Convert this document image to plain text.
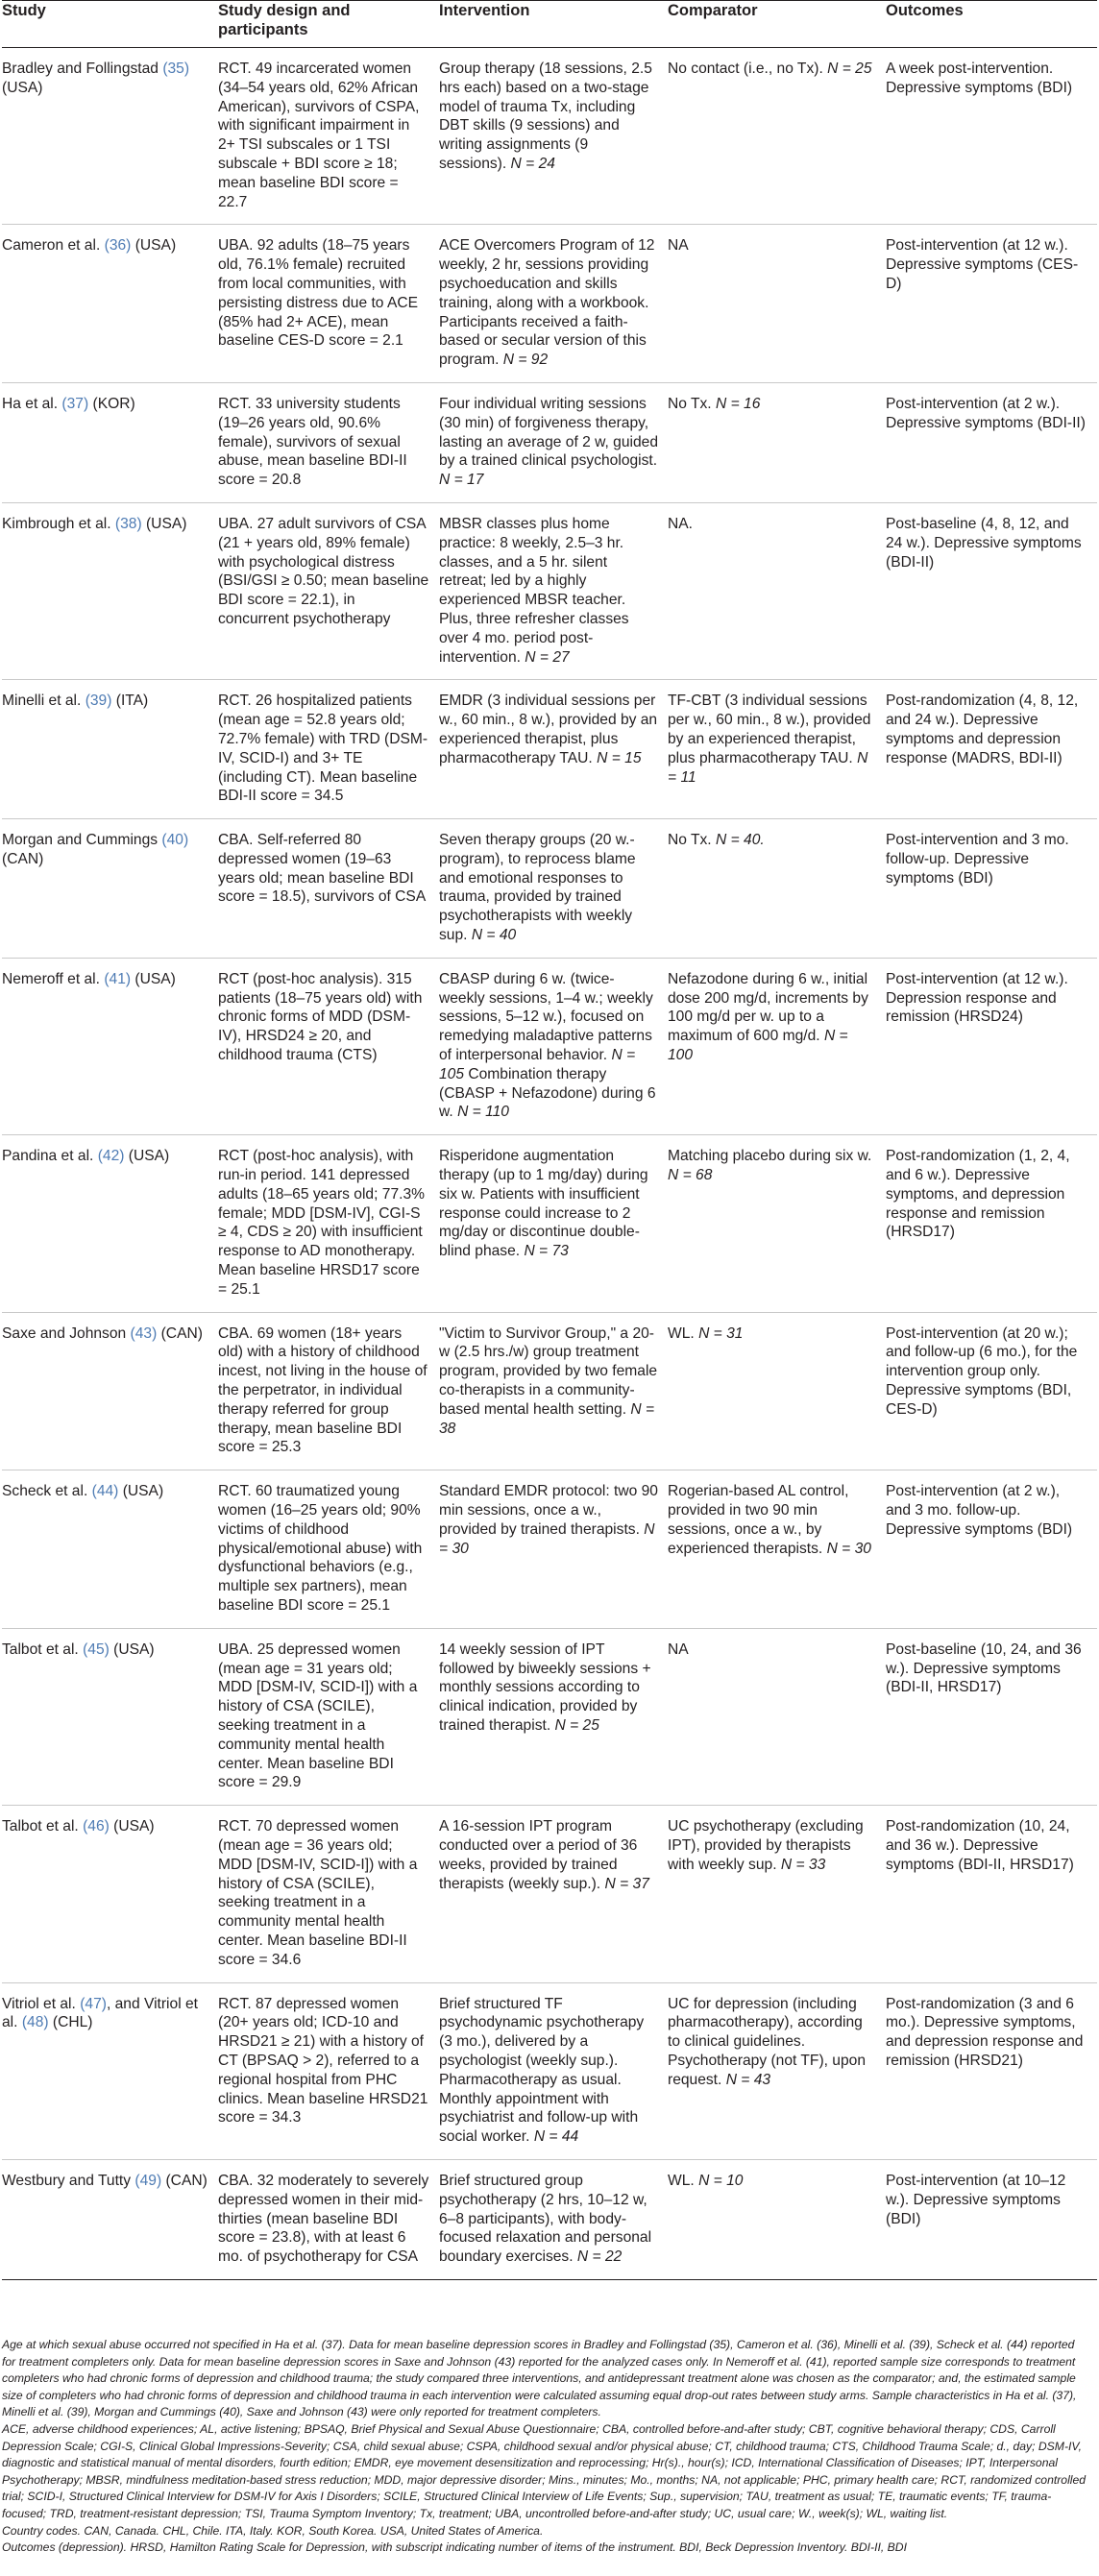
Study	Study design and participants	Intervention	Comparator	Outcomes
Bradley and Follingstad (35) (USA)	RCT. 49 incarcerated women (34–54 years old, 62% African American), survivors of CSPA, with significant impairment in 2+ TSI subscales or 1 TSI subscale + BDI score ≥ 18; mean baseline BDI score = 22.7	Group therapy (18 sessions, 2.5 hrs each) based on a two-stage model of trauma Tx, including DBT skills (9 sessions) and writing assignments (9 sessions). N = 24	No contact (i.e., no Tx). N = 25	A week post-intervention. Depressive symptoms (BDI)
Cameron et al. (36) (USA)	UBA. 92 adults (18–75 years old, 76.1% female) recruited from local communities, with persisting distress due to ACE (85% had 2+ ACE), mean baseline CES-D score = 2.1	ACE Overcomers Program of 12 weekly, 2 hr, sessions providing psychoeducation and skills training, along with a workbook. Participants received a faith-based or secular version of this program. N = 92	NA	Post-intervention (at 12 w.). Depressive symptoms (CES-D)
Ha et al. (37) (KOR)	RCT. 33 university students (19–26 years old, 90.6% female), survivors of sexual abuse, mean baseline BDI-II score = 20.8	Four individual writing sessions (30 min) of forgiveness therapy, lasting an average of 2 w, guided by a trained clinical psychologist. N = 17	No Tx. N = 16	Post-intervention (at 2 w.). Depressive symptoms (BDI-II)
Kimbrough et al. (38) (USA)	UBA. 27 adult survivors of CSA (21 + years old, 89% female) with psychological distress (BSI/GSI ≥ 0.50; mean baseline BDI score = 22.1), in concurrent psychotherapy	MBSR classes plus home practice: 8 weekly, 2.5–3 hr. classes, and a 5 hr. silent retreat; led by a highly experienced MBSR teacher. Plus, three refresher classes over 4 mo. period post-intervention. N = 27	NA.	Post-baseline (4, 8, 12, and 24 w.). Depressive symptoms (BDI-II)
Minelli et al. (39) (ITA)	RCT. 26 hospitalized patients (mean age = 52.8 years old; 72.7% female) with TRD (DSM-IV, SCID-I) and 3+ TE (including CT). Mean baseline BDI-II score = 34.5	EMDR (3 individual sessions per w., 60 min., 8 w.), provided by an experienced therapist, plus pharmacotherapy TAU. N = 15	TF-CBT (3 individual sessions per w., 60 min., 8 w.), provided by an experienced therapist, plus pharmacotherapy TAU. N = 11	Post-randomization (4, 8, 12, and 24 w.). Depressive symptoms and depression response (MADRS, BDI-II)
Morgan and Cummings (40) (CAN)	CBA. Self-referred 80 depressed women (19–63 years old; mean baseline BDI score = 18.5), survivors of CSA	Seven therapy groups (20 w.-program), to reprocess blame and emotional responses to trauma, provided by trained psychotherapists with weekly sup. N = 40	No Tx. N = 40.	Post-intervention and 3 mo. follow-up. Depressive symptoms (BDI)
Nemeroff et al. (41) (USA)	RCT (post-hoc analysis). 315 patients (18–75 years old) with chronic forms of MDD (DSM-IV), HRSD24 ≥ 20, and childhood trauma (CTS)	CBASP during 6 w. (twice-weekly sessions, 1–4 w.; weekly sessions, 5–12 w.), focused on remedying maladaptive patterns of interpersonal behavior. N = 105 Combination therapy (CBASP + Nefazodone) during 6 w. N = 110	Nefazodone during 6 w., initial dose 200 mg/d, increments by 100 mg/d per w. up to a maximum of 600 mg/d. N = 100	Post-intervention (at 12 w.). Depression response and remission (HRSD24)
Pandina et al. (42) (USA)	RCT (post-hoc analysis), with run-in period. 141 depressed adults (18–65 years old; 77.3% female; MDD [DSM-IV], CGI-S ≥ 4, CDS ≥ 20) with insufficient response to AD monotherapy. Mean baseline HRSD17 score = 25.1	Risperidone augmentation therapy (up to 1 mg/day) during six w. Patients with insufficient response could increase to 2 mg/day or discontinue double-blind phase. N = 73	Matching placebo during six w. N = 68	Post-randomization (1, 2, 4, and 6 w.). Depressive symptoms, and depression response and remission (HRSD17)
Saxe and Johnson (43) (CAN)	CBA. 69 women (18+ years old) with a history of childhood incest, not living in the house of the perpetrator, in individual therapy referred for group therapy, mean baseline BDI score = 25.3	"Victim to Survivor Group," a 20-w (2.5 hrs./w) group treatment program, provided by two female co-therapists in a community-based mental health setting. N = 38	WL. N = 31	Post-intervention (at 20 w.); and follow-up (6 mo.), for the intervention group only. Depressive symptoms (BDI, CES-D)
Scheck et al. (44) (USA)	RCT. 60 traumatized young women (16–25 years old; 90% victims of childhood physical/emotional abuse) with dysfunctional behaviors (e.g., multiple sex partners), mean baseline BDI score = 25.1	Standard EMDR protocol: two 90 min sessions, once a w., provided by trained therapists. N = 30	Rogerian-based AL control, provided in two 90 min sessions, once a w., by experienced therapists. N = 30	Post-intervention (at 2 w.), and 3 mo. follow-up. Depressive symptoms (BDI)
Talbot et al. (45) (USA)	UBA. 25 depressed women (mean age = 31 years old; MDD [DSM-IV, SCID-I]) with a history of CSA (SCILE), seeking treatment in a community mental health center. Mean baseline BDI score = 29.9	14 weekly session of IPT followed by biweekly sessions + monthly sessions according to clinical indication, provided by trained therapist. N = 25	NA	Post-baseline (10, 24, and 36 w.). Depressive symptoms (BDI-II, HRSD17)
Talbot et al. (46) (USA)	RCT. 70 depressed women (mean age = 36 years old; MDD [DSM-IV, SCID-I]) with a history of CSA (SCILE), seeking treatment in a community mental health center. Mean baseline BDI-II score = 34.6	A 16-session IPT program conducted over a period of 36 weeks, provided by trained therapists (weekly sup.). N = 37	UC psychotherapy (excluding IPT), provided by therapists with weekly sup. N = 33	Post-randomization (10, 24, and 36 w.). Depressive symptoms (BDI-II, HRSD17)
Vitriol et al. (47), and Vitriol et al. (48) (CHL)	RCT. 87 depressed women (20+ years old; ICD-10 and HRSD21 ≥ 21) with a history of CT (BPSAQ > 2), referred to a regional hospital from PHC clinics. Mean baseline HRSD21 score = 34.3	Brief structured TF psychodynamic psychotherapy (3 mo.), delivered by a psychologist (weekly sup.). Pharmacotherapy as usual. Monthly appointment with psychiatrist and follow-up with social worker. N = 44	UC for depression (including pharmacotherapy), according to clinical guidelines. Psychotherapy (not TF), upon request. N = 43	Post-randomization (3 and 6 mo.). Depressive symptoms, and depression response and remission (HRSD21)
Westbury and Tutty (49) (CAN)	CBA. 32 moderately to severely depressed women in their mid-thirties (mean baseline BDI score = 23.8), with at least 6 mo. of psychotherapy for CSA	Brief structured group psychotherapy (2 hrs, 10–12 w, 6–8 participants), with body-focused relaxation and personal boundary exercises. N = 22	WL. N = 10	Post-intervention (at 10–12 w.). Depressive symptoms (BDI)

Age at which sexual abuse occurred not specified in Ha et al. (37). Data for mean baseline depression scores in Bradley and Follingstad (35), Cameron et al. (36), Minelli et al. (39), Scheck et al. (44) reported for treatment completers only. Data for mean baseline depression scores in Saxe and Johnson (43) reported for the analyzed cases only. In Nemeroff et al. (41), reported sample size corresponds to treatment completers who had chronic forms of depression and childhood trauma; the study compared three interventions, and antidepressant treatment alone was chosen as the comparator; and, the estimated sample size of completers who had chronic forms of depression and childhood trauma in each intervention were calculated assuming equal drop-out rates between study arms. Sample characteristics in Ha et al. (37), Minelli et al. (39), Morgan and Cummings (40), Saxe and Johnson (43) were only reported for treatment completers.

ACE, adverse childhood experiences; AL, active listening; BPSAQ, Brief Physical and Sexual Abuse Questionnaire; CBA, controlled before-and-after study; CBT, cognitive behavioral therapy; CDS, Carroll Depression Scale; CGI-S, Clinical Global Impressions-Severity; CSA, child sexual abuse; CSPA, childhood sexual and/or physical abuse; CT, childhood trauma; CTS, Childhood Trauma Scale; d., day; DSM-IV, diagnostic and statistical manual of mental disorders, fourth edition; EMDR, eye movement desensitization and reprocessing; Hr(s)., hour(s); ICD, International Classification of Diseases; IPT, Interpersonal Psychotherapy; MBSR, mindfulness meditation-based stress reduction; MDD, major depressive disorder; Mins., minutes; Mo., months; NA, not applicable; PHC, primary health care; RCT, randomized controlled trial; SCID-I, Structured Clinical Interview for DSM-IV for Axis I Disorders; SCILE, Structured Clinical Interview of Life Events; Sup., supervision; TAU, treatment as usual; TE, traumatic events; TF, trauma-focused; TRD, treatment-resistant depression; TSI, Trauma Symptom Inventory; Tx, treatment; UBA, uncontrolled before-and-after study; UC, usual care; W., week(s); WL, waiting list.

Country codes. CAN, Canada. CHL, Chile. ITA, Italy. KOR, South Korea. USA, United States of America.

Outcomes (depression). HRSD, Hamilton Rating Scale for Depression, with subscript indicating number of items of the instrument. BDI, Beck Depression Inventory. BDI-II, BDI
